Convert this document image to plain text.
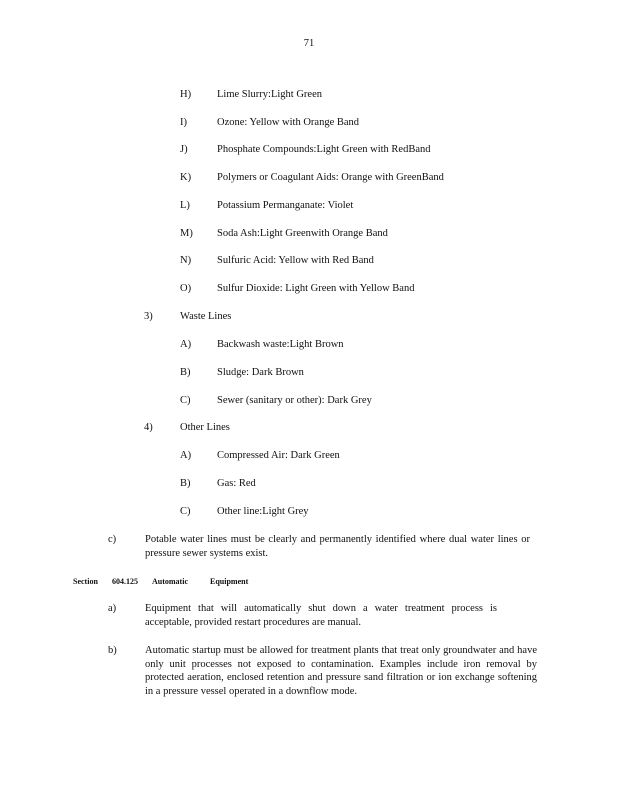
71
H) Lime Slurry:Light Green
I)	Ozone: Yellow with Orange Band
J)	Phosphate Compounds:Light Green with RedBand
K) Polymers or Coagulant Aids: Orange with GreenBand
L)	Potassium Permanganate: Violet
M) Soda Ash:Light Greenwith Orange Band
N) Sulfuric Acid: Yellow with Red Band
O) Sulfur Dioxide: Light Green with Yellow Band
3)	Waste Lines
A) Backwash waste:Light Brown
B)	Sludge: Dark Brown
C)	Sewer (sanitary or other): Dark Grey
4)	Other Lines
A) Compressed Air: Dark Green
B)	Gas: Red
C)	Other line:Light Grey
c)	Potable water lines must be clearly and permanently identified where dual water lines or pressure sewer systems exist.
Section 604.125 Automatic	Equipment
a)	Equipment that will automatically shut down a water treatment process is acceptable, provided restart procedures are manual.
b)	Automatic startup must be allowed for treatment plants that treat only groundwater and have only unit processes not exposed to contamination. Examples include iron removal by protected aeration, enclosed retention and pressure sand filtration or ion exchange softening in a pressure vessel operated in a downflow mode.
